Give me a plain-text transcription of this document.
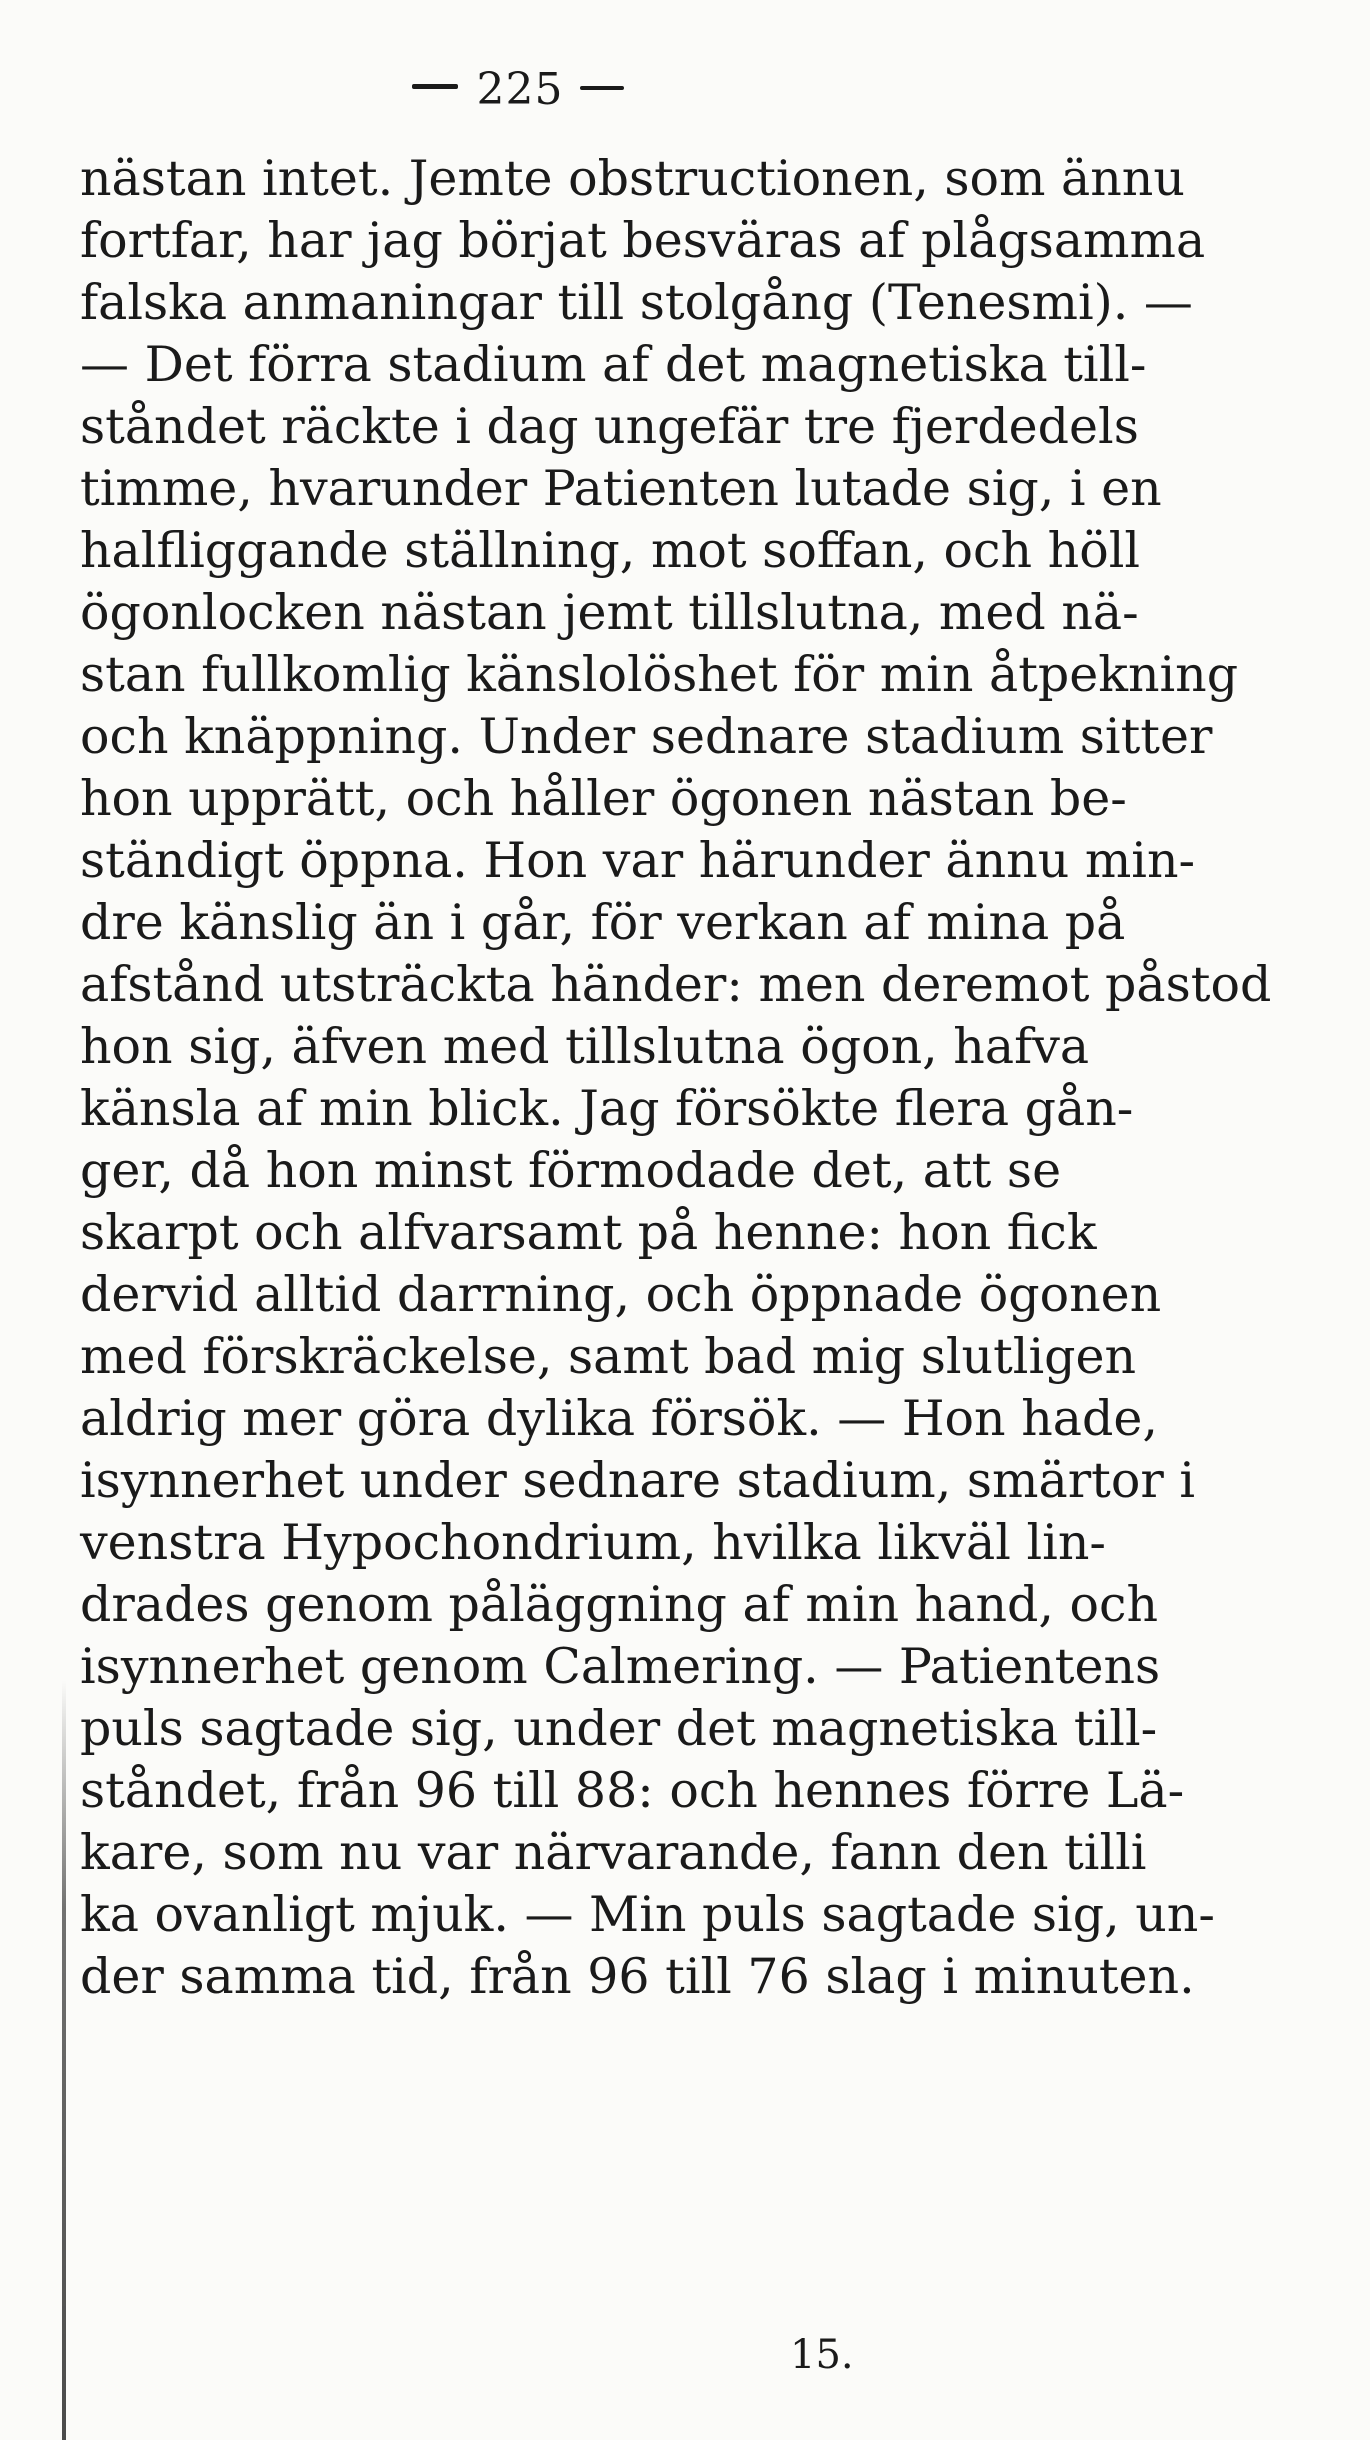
225
nästan intet. Jemte obstructionen, som ännu
fortfar, har jag börjat besväras af plågsamma
falska anmaningar till stolgång (Tenesmi). —
— Det förra stadium af det magnetiska till-
ståndet räckte i dag ungefär tre fjerdedels
timme, hvarunder Patienten lutade sig, i en
halfliggande ställning, mot soffan, och höll
ögonlocken nästan jemt tillslutna, med nä-
stan fullkomlig känslolöshet för min åtpekning
och knäppning. Under sednare stadium sitter
hon upprätt, och håller ögonen nästan be-
ständigt öppna. Hon var härunder ännu min-
dre känslig än i går, för verkan af mina på
afstånd utsträckta händer: men deremot påstod
hon sig, äfven med tillslutna ögon, hafva
känsla af min blick. Jag försökte flera gån-
ger, då hon minst förmodade det, att se
skarpt och alfvarsamt på henne: hon fick
dervid alltid darrning, och öppnade ögonen
med förskräckelse, samt bad mig slutligen
aldrig mer göra dylika försök. — Hon hade,
isynnerhet under sednare stadium, smärtor i
venstra Hypochondrium, hvilka likväl lin-
drades genom påläggning af min hand, och
isynnerhet genom Calmering. — Patientens
puls sagtade sig, under det magnetiska till-
ståndet, från 96 till 88: och hennes förre Lä-
kare, som nu var närvarande, fann den tilli
ka ovanligt mjuk. — Min puls sagtade sig, un-
der samma tid, från 96 till 76 slag i minuten.
15.
